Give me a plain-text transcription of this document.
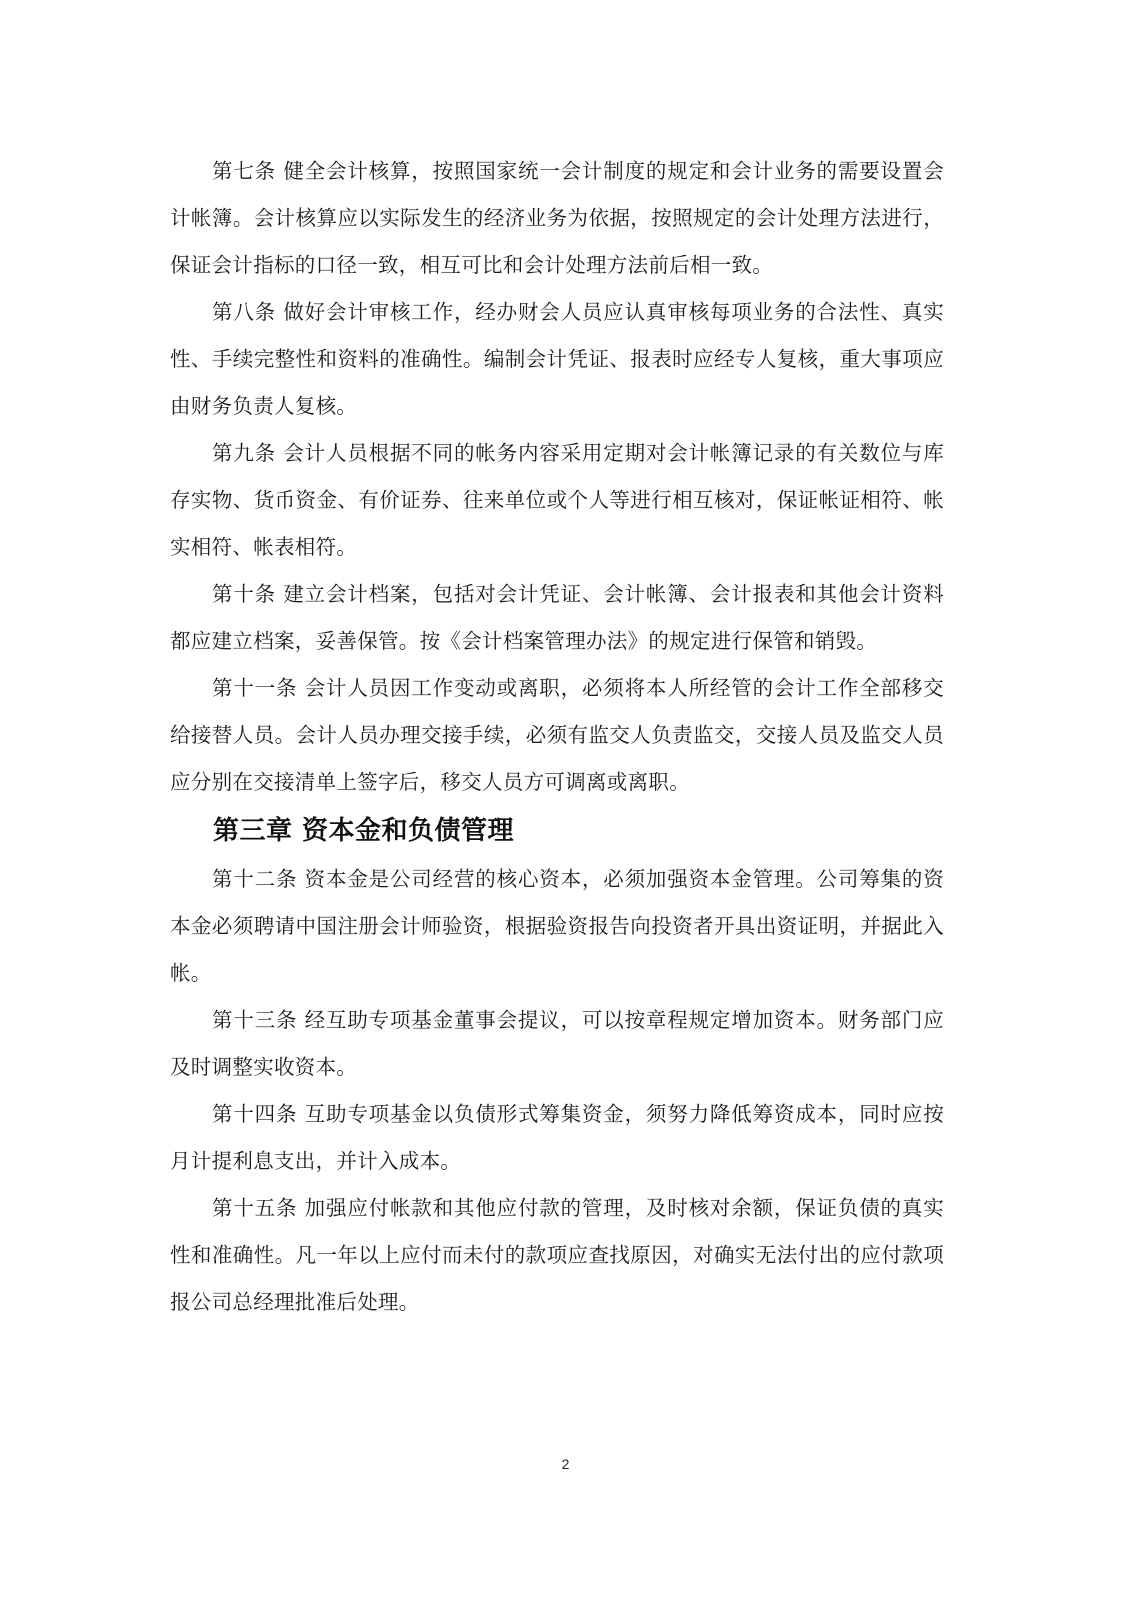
第七条 健全会计核算，按照国家统一会计制度的规定和会计业务的需要设置会计帐簿。会计核算应以实际发生的经济业务为依据，按照规定的会计处理方法进行，保证会计指标的口径一致，相互可比和会计处理方法前后相一致。

第八条 做好会计审核工作，经办财会人员应认真审核每项业务的合法性、真实性、手续完整性和资料的准确性。编制会计凭证、报表时应经专人复核，重大事项应由财务负责人复核。

第九条 会计人员根据不同的帐务内容采用定期对会计帐簿记录的有关数位与库存实物、货币资金、有价证券、往来单位或个人等进行相互核对，保证帐证相符、帐实相符、帐表相符。

第十条 建立会计档案，包括对会计凭证、会计帐簿、会计报表和其他会计资料都应建立档案，妥善保管。按《会计档案管理办法》的规定进行保管和销毁。

第十一条 会计人员因工作变动或离职，必须将本人所经管的会计工作全部移交给接替人员。会计人员办理交接手续，必须有监交人负责监交，交接人员及监交人员应分别在交接清单上签字后，移交人员方可调离或离职。

第三章 资本金和负债管理

第十二条 资本金是公司经营的核心资本，必须加强资本金管理。公司筹集的资本金必须聘请中国注册会计师验资，根据验资报告向投资者开具出资证明，并据此入帐。

第十三条 经互助专项基金董事会提议，可以按章程规定增加资本。财务部门应及时调整实收资本。

第十四条 互助专项基金以负债形式筹集资金，须努力降低筹资成本，同时应按月计提利息支出，并计入成本。

第十五条 加强应付帐款和其他应付款的管理，及时核对余额，保证负债的真实性和准确性。凡一年以上应付而未付的款项应查找原因，对确实无法付出的应付款项报公司总经理批准后处理。

2
